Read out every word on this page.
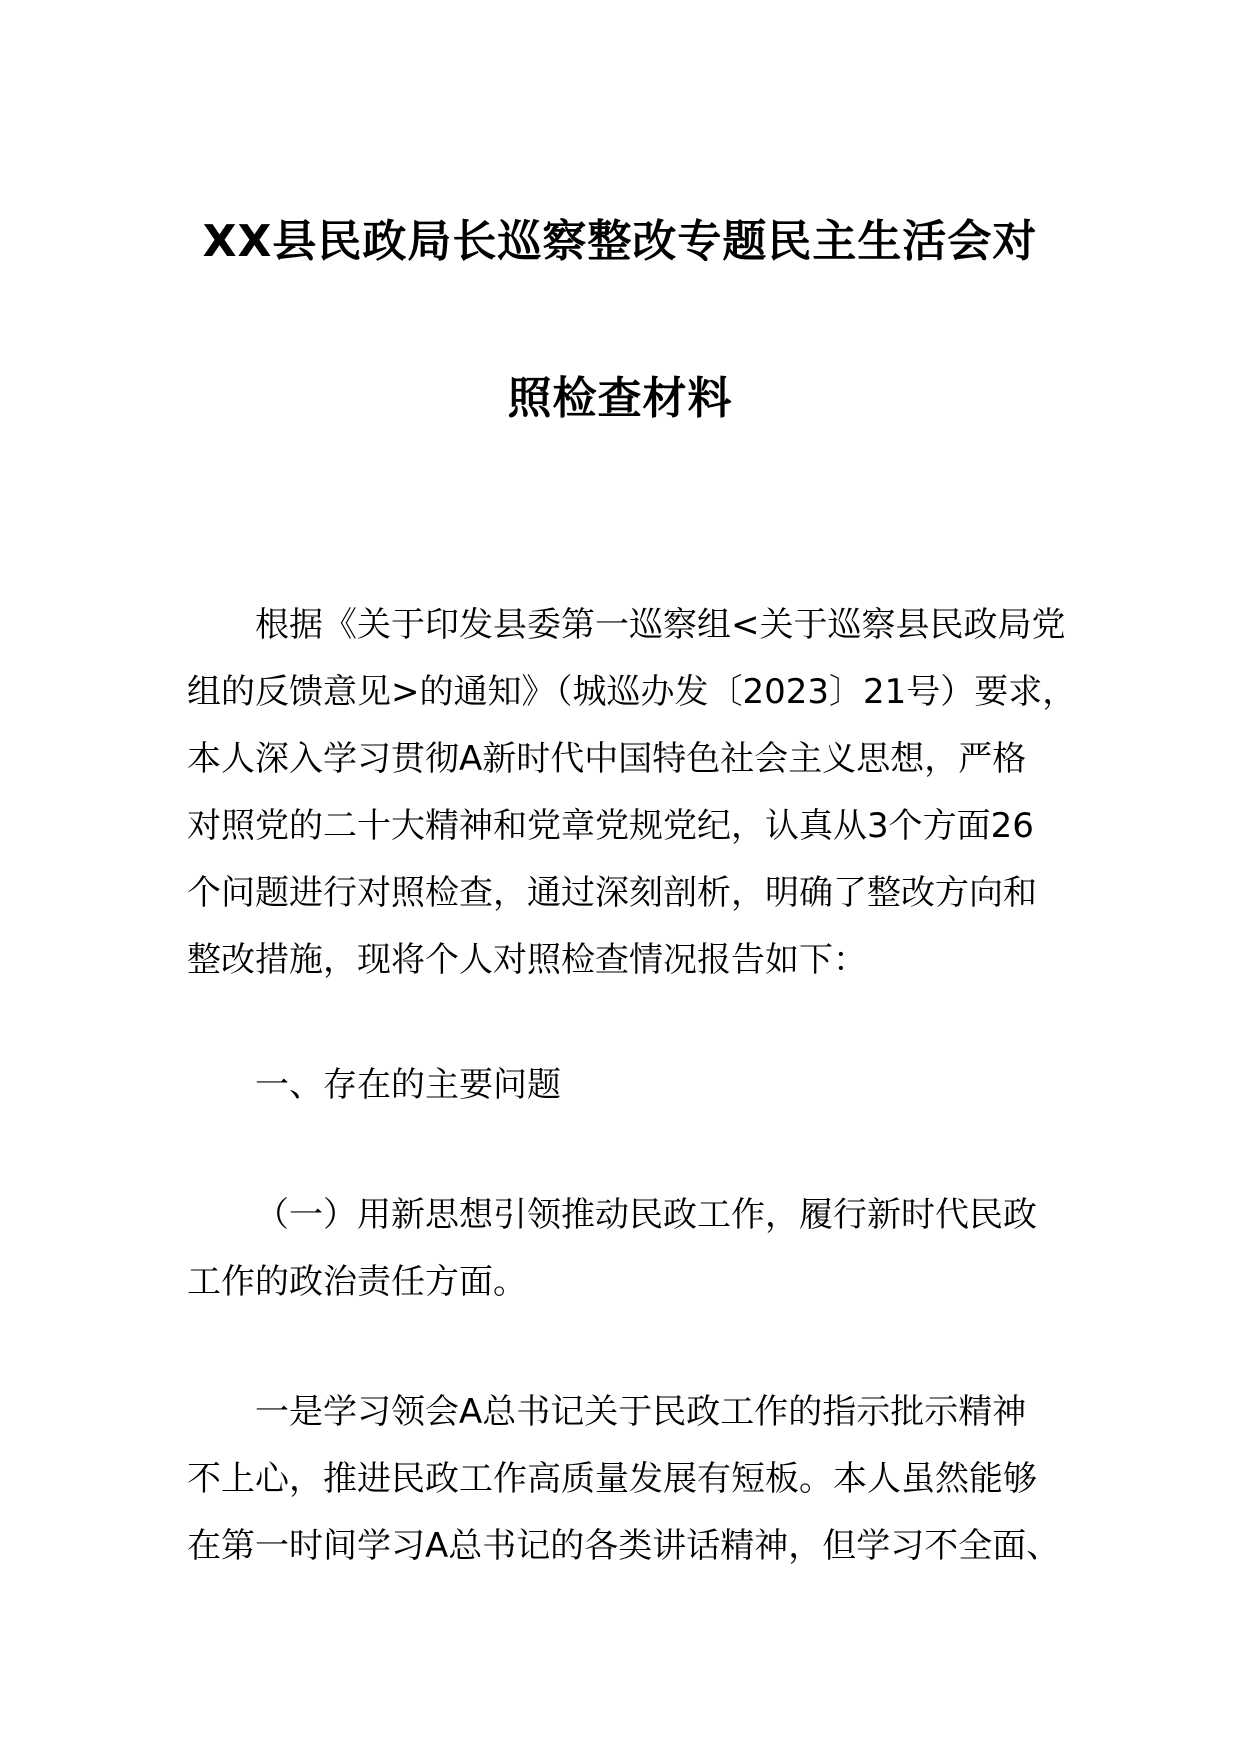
XX县民政局长巡察整改专题民主生活会对
照检查材料
根据《关于印发县委第一巡察组<关于巡察县民政局党
组的反馈意见>的通知》（城巡办发〔2023〕21号）要求，
本人深入学习贯彻A新时代中国特色社会主义思想，严格
对照党的二十大精神和党章党规党纪，认真从3个方面26
个问题进行对照检查，通过深刻剖析，明确了整改方向和
整改措施，现将个人对照检查情况报告如下：
一、存在的主要问题
（一）用新思想引领推动民政工作，履行新时代民政
工作的政治责任方面。
一是学习领会A总书记关于民政工作的指示批示精神
不上心，推进民政工作高质量发展有短板。本人虽然能够
在第一时间学习A总书记的各类讲话精神，但学习不全面、
